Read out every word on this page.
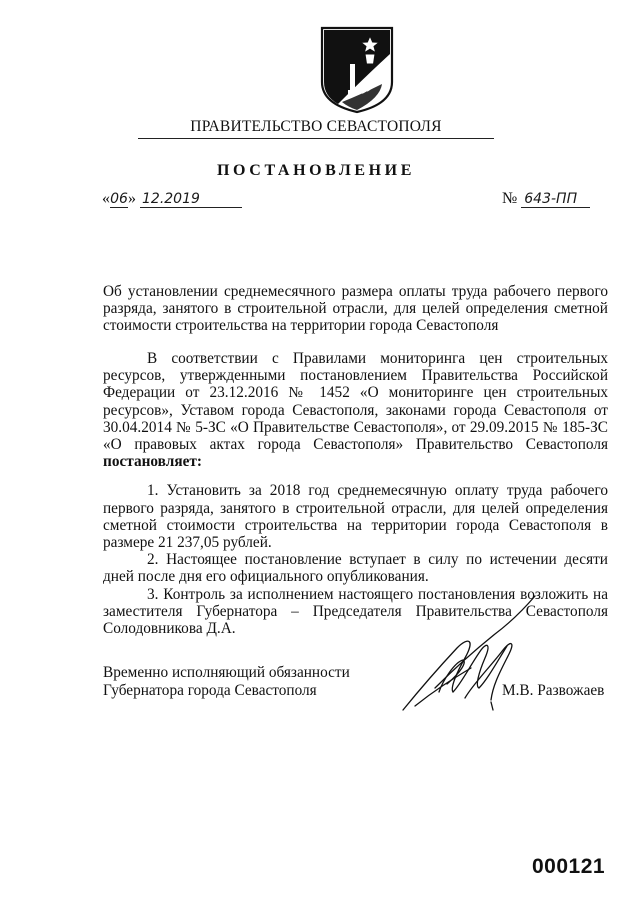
ПРАВИТЕЛЬСТВО СЕВАСТОПОЛЯ
ПОСТАНОВЛЕНИЕ
«06» 12.2019	№ 643-ПП
Об установлении среднемесячного размера оплаты труда рабочего первого разряда, занятого в строительной отрасли, для целей определения сметной стоимости строительства на территории города Севастополя

В соответствии с Правилами мониторинга цен строительных ресурсов, утвержденными постановлением Правительства Российской Федерации от 23.12.2016 № 1452 «О мониторинге цен строительных ресурсов», Уставом города Севастополя, законами города Севастополя от 30.04.2014 № 5-ЗС «О Правительстве Севастополя», от 29.09.2015 № 185-ЗС «О правовых актах города Севастополя» Правительство Севастополя постановляет:

1. Установить за 2018 год среднемесячную оплату труда рабочего первого разряда, занятого в строительной отрасли, для целей определения сметной стоимости строительства на территории города Севастополя в размере 21 237,05 рублей.

2. Настоящее постановление вступает в силу по истечении десяти дней после дня его официального опубликования.

3. Контроль за исполнением настоящего постановления возложить на заместителя Губернатора – Председателя Правительства Севастополя Солодовникова Д.А.

Временно исполняющий обязанности
Губернатора города Севастополя	М.В. Развожаев
000121
